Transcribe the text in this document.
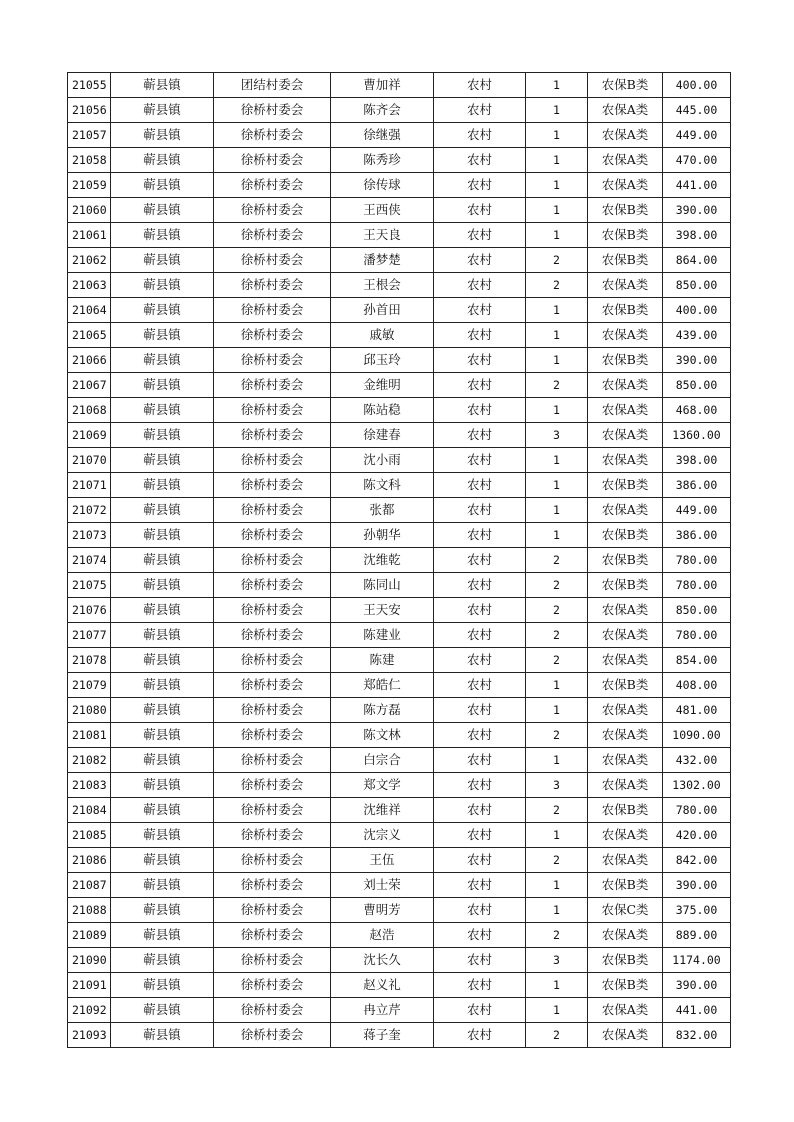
21055	蕲县镇	团结村委会	曹加祥	农村	1	农保B类	400.00
21056	蕲县镇	徐桥村委会	陈齐会	农村	1	农保A类	445.00
21057	蕲县镇	徐桥村委会	徐继强	农村	1	农保A类	449.00
21058	蕲县镇	徐桥村委会	陈秀珍	农村	1	农保A类	470.00
21059	蕲县镇	徐桥村委会	徐传球	农村	1	农保A类	441.00
21060	蕲县镇	徐桥村委会	王西侠	农村	1	农保B类	390.00
21061	蕲县镇	徐桥村委会	王天良	农村	1	农保B类	398.00
21062	蕲县镇	徐桥村委会	潘梦楚	农村	2	农保B类	864.00
21063	蕲县镇	徐桥村委会	王根会	农村	2	农保A类	850.00
21064	蕲县镇	徐桥村委会	孙首田	农村	1	农保B类	400.00
21065	蕲县镇	徐桥村委会	戚敏	农村	1	农保A类	439.00
21066	蕲县镇	徐桥村委会	邱玉玲	农村	1	农保B类	390.00
21067	蕲县镇	徐桥村委会	金维明	农村	2	农保A类	850.00
21068	蕲县镇	徐桥村委会	陈站稳	农村	1	农保A类	468.00
21069	蕲县镇	徐桥村委会	徐建春	农村	3	农保A类	1360.00
21070	蕲县镇	徐桥村委会	沈小雨	农村	1	农保A类	398.00
21071	蕲县镇	徐桥村委会	陈文科	农村	1	农保B类	386.00
21072	蕲县镇	徐桥村委会	张都	农村	1	农保A类	449.00
21073	蕲县镇	徐桥村委会	孙朝华	农村	1	农保B类	386.00
21074	蕲县镇	徐桥村委会	沈维乾	农村	2	农保B类	780.00
21075	蕲县镇	徐桥村委会	陈同山	农村	2	农保B类	780.00
21076	蕲县镇	徐桥村委会	王天安	农村	2	农保A类	850.00
21077	蕲县镇	徐桥村委会	陈建业	农村	2	农保A类	780.00
21078	蕲县镇	徐桥村委会	陈建	农村	2	农保A类	854.00
21079	蕲县镇	徐桥村委会	郑皓仁	农村	1	农保B类	408.00
21080	蕲县镇	徐桥村委会	陈方磊	农村	1	农保A类	481.00
21081	蕲县镇	徐桥村委会	陈文林	农村	2	农保A类	1090.00
21082	蕲县镇	徐桥村委会	白宗合	农村	1	农保A类	432.00
21083	蕲县镇	徐桥村委会	郑文学	农村	3	农保A类	1302.00
21084	蕲县镇	徐桥村委会	沈维祥	农村	2	农保B类	780.00
21085	蕲县镇	徐桥村委会	沈宗义	农村	1	农保A类	420.00
21086	蕲县镇	徐桥村委会	王伍	农村	2	农保A类	842.00
21087	蕲县镇	徐桥村委会	刘士荣	农村	1	农保B类	390.00
21088	蕲县镇	徐桥村委会	曹明芳	农村	1	农保C类	375.00
21089	蕲县镇	徐桥村委会	赵浩	农村	2	农保A类	889.00
21090	蕲县镇	徐桥村委会	沈长久	农村	3	农保B类	1174.00
21091	蕲县镇	徐桥村委会	赵义礼	农村	1	农保B类	390.00
21092	蕲县镇	徐桥村委会	冉立芹	农村	1	农保A类	441.00
21093	蕲县镇	徐桥村委会	蒋子奎	农村	2	农保A类	832.00
